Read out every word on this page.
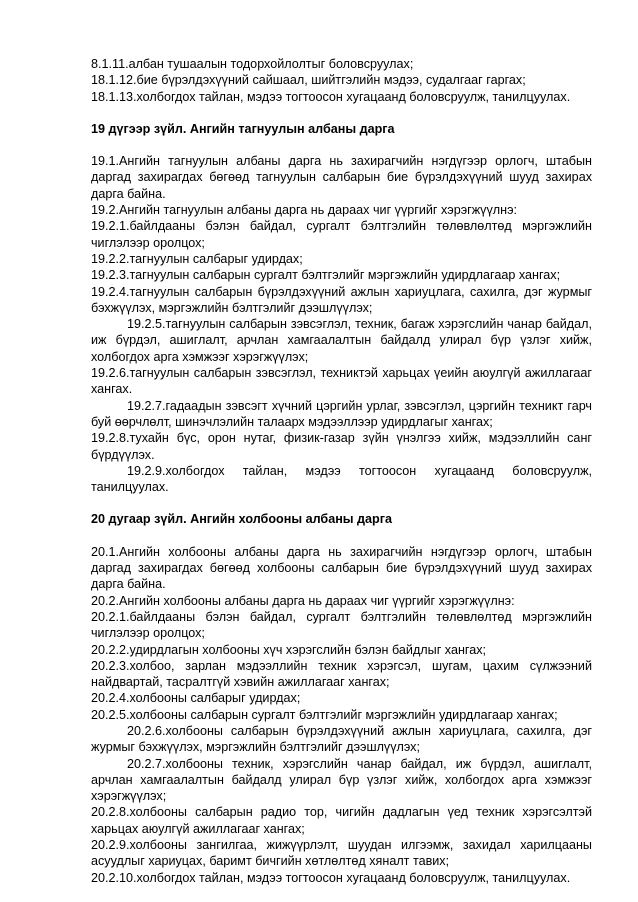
8.1.11.албан тушаалын тодорхойлолтыг боловсруулах;

18.1.12.бие бүрэлдэхүүний сайшаал, шийтгэлийн мэдээ, судалгааг гаргах;

18.1.13.холбогдох тайлан, мэдээ тогтоосон хугацаанд боловсруулж, танилцуулах.

19 дүгээр зүйл. Ангийн тагнуулын албаны дарга

19.1.Ангийн тагнуулын албаны дарга нь захирагчийн нэгдүгээр орлогч, штабын даргад захирагдах бөгөөд тагнуулын салбарын бие бүрэлдэхүүний шууд захирах дарга байна.

19.2.Ангийн тагнуулын албаны дарга нь дараах чиг үүргийг хэрэгжүүлнэ:

19.2.1.байлдааны бэлэн байдал, сургалт бэлтгэлийн төлөвлөлтөд мэргэжлийн чиглэлээр оролцох;

19.2.2.тагнуулын салбарыг удирдах;

19.2.3.тагнуулын салбарын сургалт бэлтгэлийг мэргэжлийн удирдлагаар хангах;

19.2.4.тагнуулын салбарын бүрэлдэхүүний ажлын хариуцлага, сахилга, дэг журмыг бэхжүүлэх, мэргэжлийн бэлтгэлийг дээшлүүлэх;

19.2.5.тагнуулын салбарын зэвсэглэл, техник, багаж хэрэгслийн чанар байдал, иж бүрдэл, ашиглалт, арчлан хамгаалалтын байдалд улирал бүр үзлэг хийж, холбогдох арга хэмжээг хэрэгжүүлэх;

19.2.6.тагнуулын салбарын зэвсэглэл, техниктэй харьцах үеийн аюулгүй ажиллагааг хангах.

19.2.7.гадаадын зэвсэгт хүчний цэргийн урлаг, зэвсэглэл, цэргийн техникт гарч буй өөрчлөлт, шинэчлэлийн талаарх мэдээллээр удирдлагыг хангах;

19.2.8.тухайн бүс, орон нутаг, физик-газар зүйн үнэлгээ хийж, мэдээллийн санг бүрдүүлэх.

19.2.9.холбогдох тайлан, мэдээ тогтоосон хугацаанд боловсруулж, танилцуулах.

20 дугаар зүйл. Ангийн холбооны албаны дарга

20.1.Ангийн холбооны албаны дарга нь захирагчийн нэгдүгээр орлогч, штабын даргад захирагдах бөгөөд холбооны салбарын бие бүрэлдэхүүний шууд захирах дарга байна.

20.2.Ангийн холбооны албаны дарга нь дараах чиг үүргийг хэрэгжүүлнэ:

20.2.1.байлдааны бэлэн байдал, сургалт бэлтгэлийн төлөвлөлтөд мэргэжлийн чиглэлээр оролцох;

20.2.2.удирдлагын холбооны хүч хэрэгслийн бэлэн байдлыг хангах;

20.2.3.холбоо, зарлан мэдээллийн техник хэрэгсэл, шугам, цахим сүлжээний найдвартай, тасралтгүй хэвийн ажиллагааг хангах;

20.2.4.холбооны салбарыг удирдах;

20.2.5.холбооны салбарын сургалт бэлтгэлийг мэргэжлийн удирдлагаар хангах;

20.2.6.холбооны салбарын бүрэлдэхүүний ажлын хариуцлага, сахилга, дэг журмыг бэхжүүлэх, мэргэжлийн бэлтгэлийг дээшлүүлэх;

20.2.7.холбооны техник, хэрэгслийн чанар байдал, иж бүрдэл, ашиглалт, арчлан хамгаалалтын байдалд улирал бүр үзлэг хийж, холбогдох арга хэмжээг хэрэгжүүлэх;

20.2.8.холбооны салбарын радио тор, чигийн дадлагын үед техник хэрэгсэлтэй харьцах аюулгүй ажиллагааг хангах;

20.2.9.холбооны зангилгаа, жижүүрлэлт, шуудан илгээмж, захидал харилцааны асуудлыг хариуцах, баримт бичгийн хөтлөлтөд хяналт тавих;

20.2.10.холбогдох тайлан, мэдээ тогтоосон хугацаанд боловсруулж, танилцуулах.
